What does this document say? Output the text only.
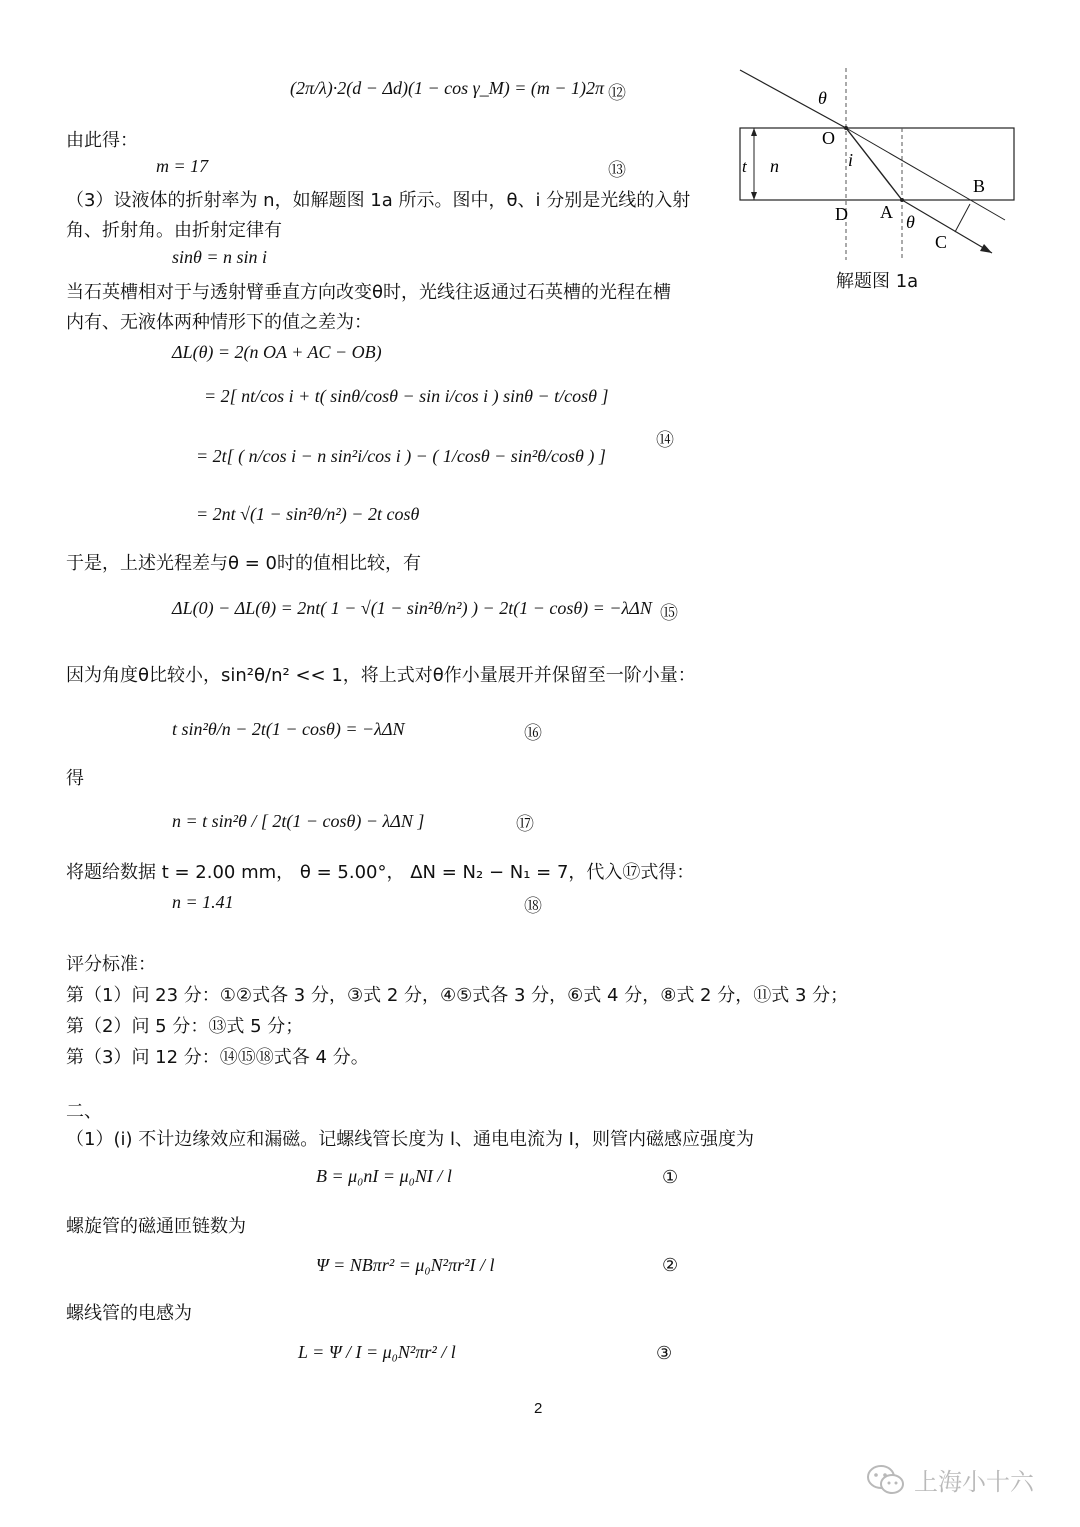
(2π/λ)·2(d − Δd)(1 − cos γ_M) = (m − 1)2π ⑫
由此得：
m = 17	⑬
（3）设液体的折射率为 n，如解题图 1a 所示。图中，θ、i 分别是光线的入射
角、折射角。由折射定律有
sinθ = n sin i
当石英槽相对于与透射臂垂直方向改变θ时，光线往返通过石英槽的光程在槽
内有、无液体两种情形下的值之差为：
ΔL(θ) = 2(n OA + AC − OB)
= 2[ nt/cos i + t( sinθ/cosθ − sin i/cos i ) sinθ − t/cosθ ]
= 2t[ ( n/cos i − n sin²i/cos i ) − ( 1/cosθ − sin²θ/cosθ ) ]
⑭
= 2nt √(1 − sin²θ/n²) − 2t cosθ
于是，上述光程差与θ = 0时的值相比较，有
ΔL(0) − ΔL(θ) = 2nt( 1 − √(1 − sin²θ/n²) ) − 2t(1 − cosθ) = −λΔN ⑮
因为角度θ比较小，sin²θ/n² << 1，将上式对θ作小量展开并保留至一阶小量：
t sin²θ/n − 2t(1 − cosθ) = −λΔN	⑯
得
n = t sin²θ / [ 2t(1 − cosθ) − λΔN ]	⑰
将题给数据 t = 2.00 mm， θ = 5.00°， ΔN = N₂ − N₁ = 7，代入⑰式得：
n = 1.41	⑱
评分标准：
第（1）问 23 分：①②式各 3 分，③式 2 分，④⑤式各 3 分，⑥式 4 分，⑧式 2 分，⑪式 3 分；
第（2）问 5 分：⑬式 5 分；
第（3）问 12 分：⑭⑮⑱式各 4 分。
二、
（1）(i) 不计边缘效应和漏磁。记螺线管长度为 l、通电电流为 I，则管内磁感应强度为
B = μ₀nI = μ₀NI / l	①
螺旋管的磁通匝链数为
Ψ = NBπr² = μ₀N²πr²I / l	②
螺线管的电感为
L = Ψ / I = μ₀N²πr² / l	③
2
θ
O
i
t n
B
D A θ
C
解题图 1a
上海小十六
